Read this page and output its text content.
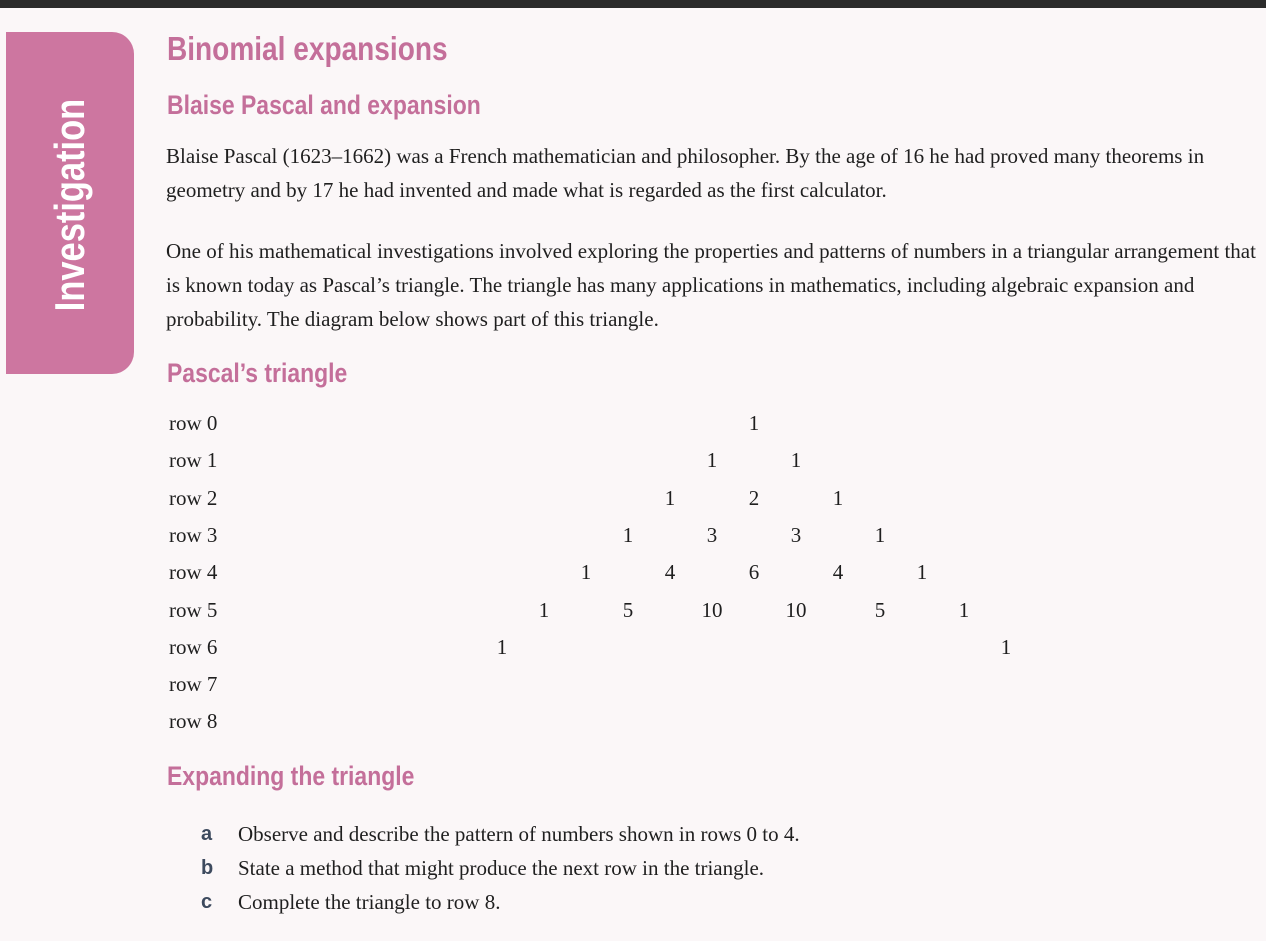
Investigation
Binomial expansions
Blaise Pascal and expansion

Blaise Pascal (1623–1662) was a French mathematician and philosopher. By the age of 16 he had proved many theorems in geometry and by 17 he had invented and made what is regarded as the first calculator.

One of his mathematical investigations involved exploring the properties and patterns of numbers in a triangular arrangement that is known today as Pascal’s triangle. The triangle has many applications in mathematics, including algebraic expansion and probability. The diagram below shows part of this triangle.

Pascal’s triangle
row 0	1
row 1	1	1
row 2	1	2	1
row 3	1	3	3	1
row 4	1	4	6	4	1
row 5	1	5	10	10	5	1
row 6	1	1
row 7
row 8
Expanding the triangle
a Observe and describe the pattern of numbers shown in rows 0 to 4.
b State a method that might produce the next row in the triangle.
c Complete the triangle to row 8.
